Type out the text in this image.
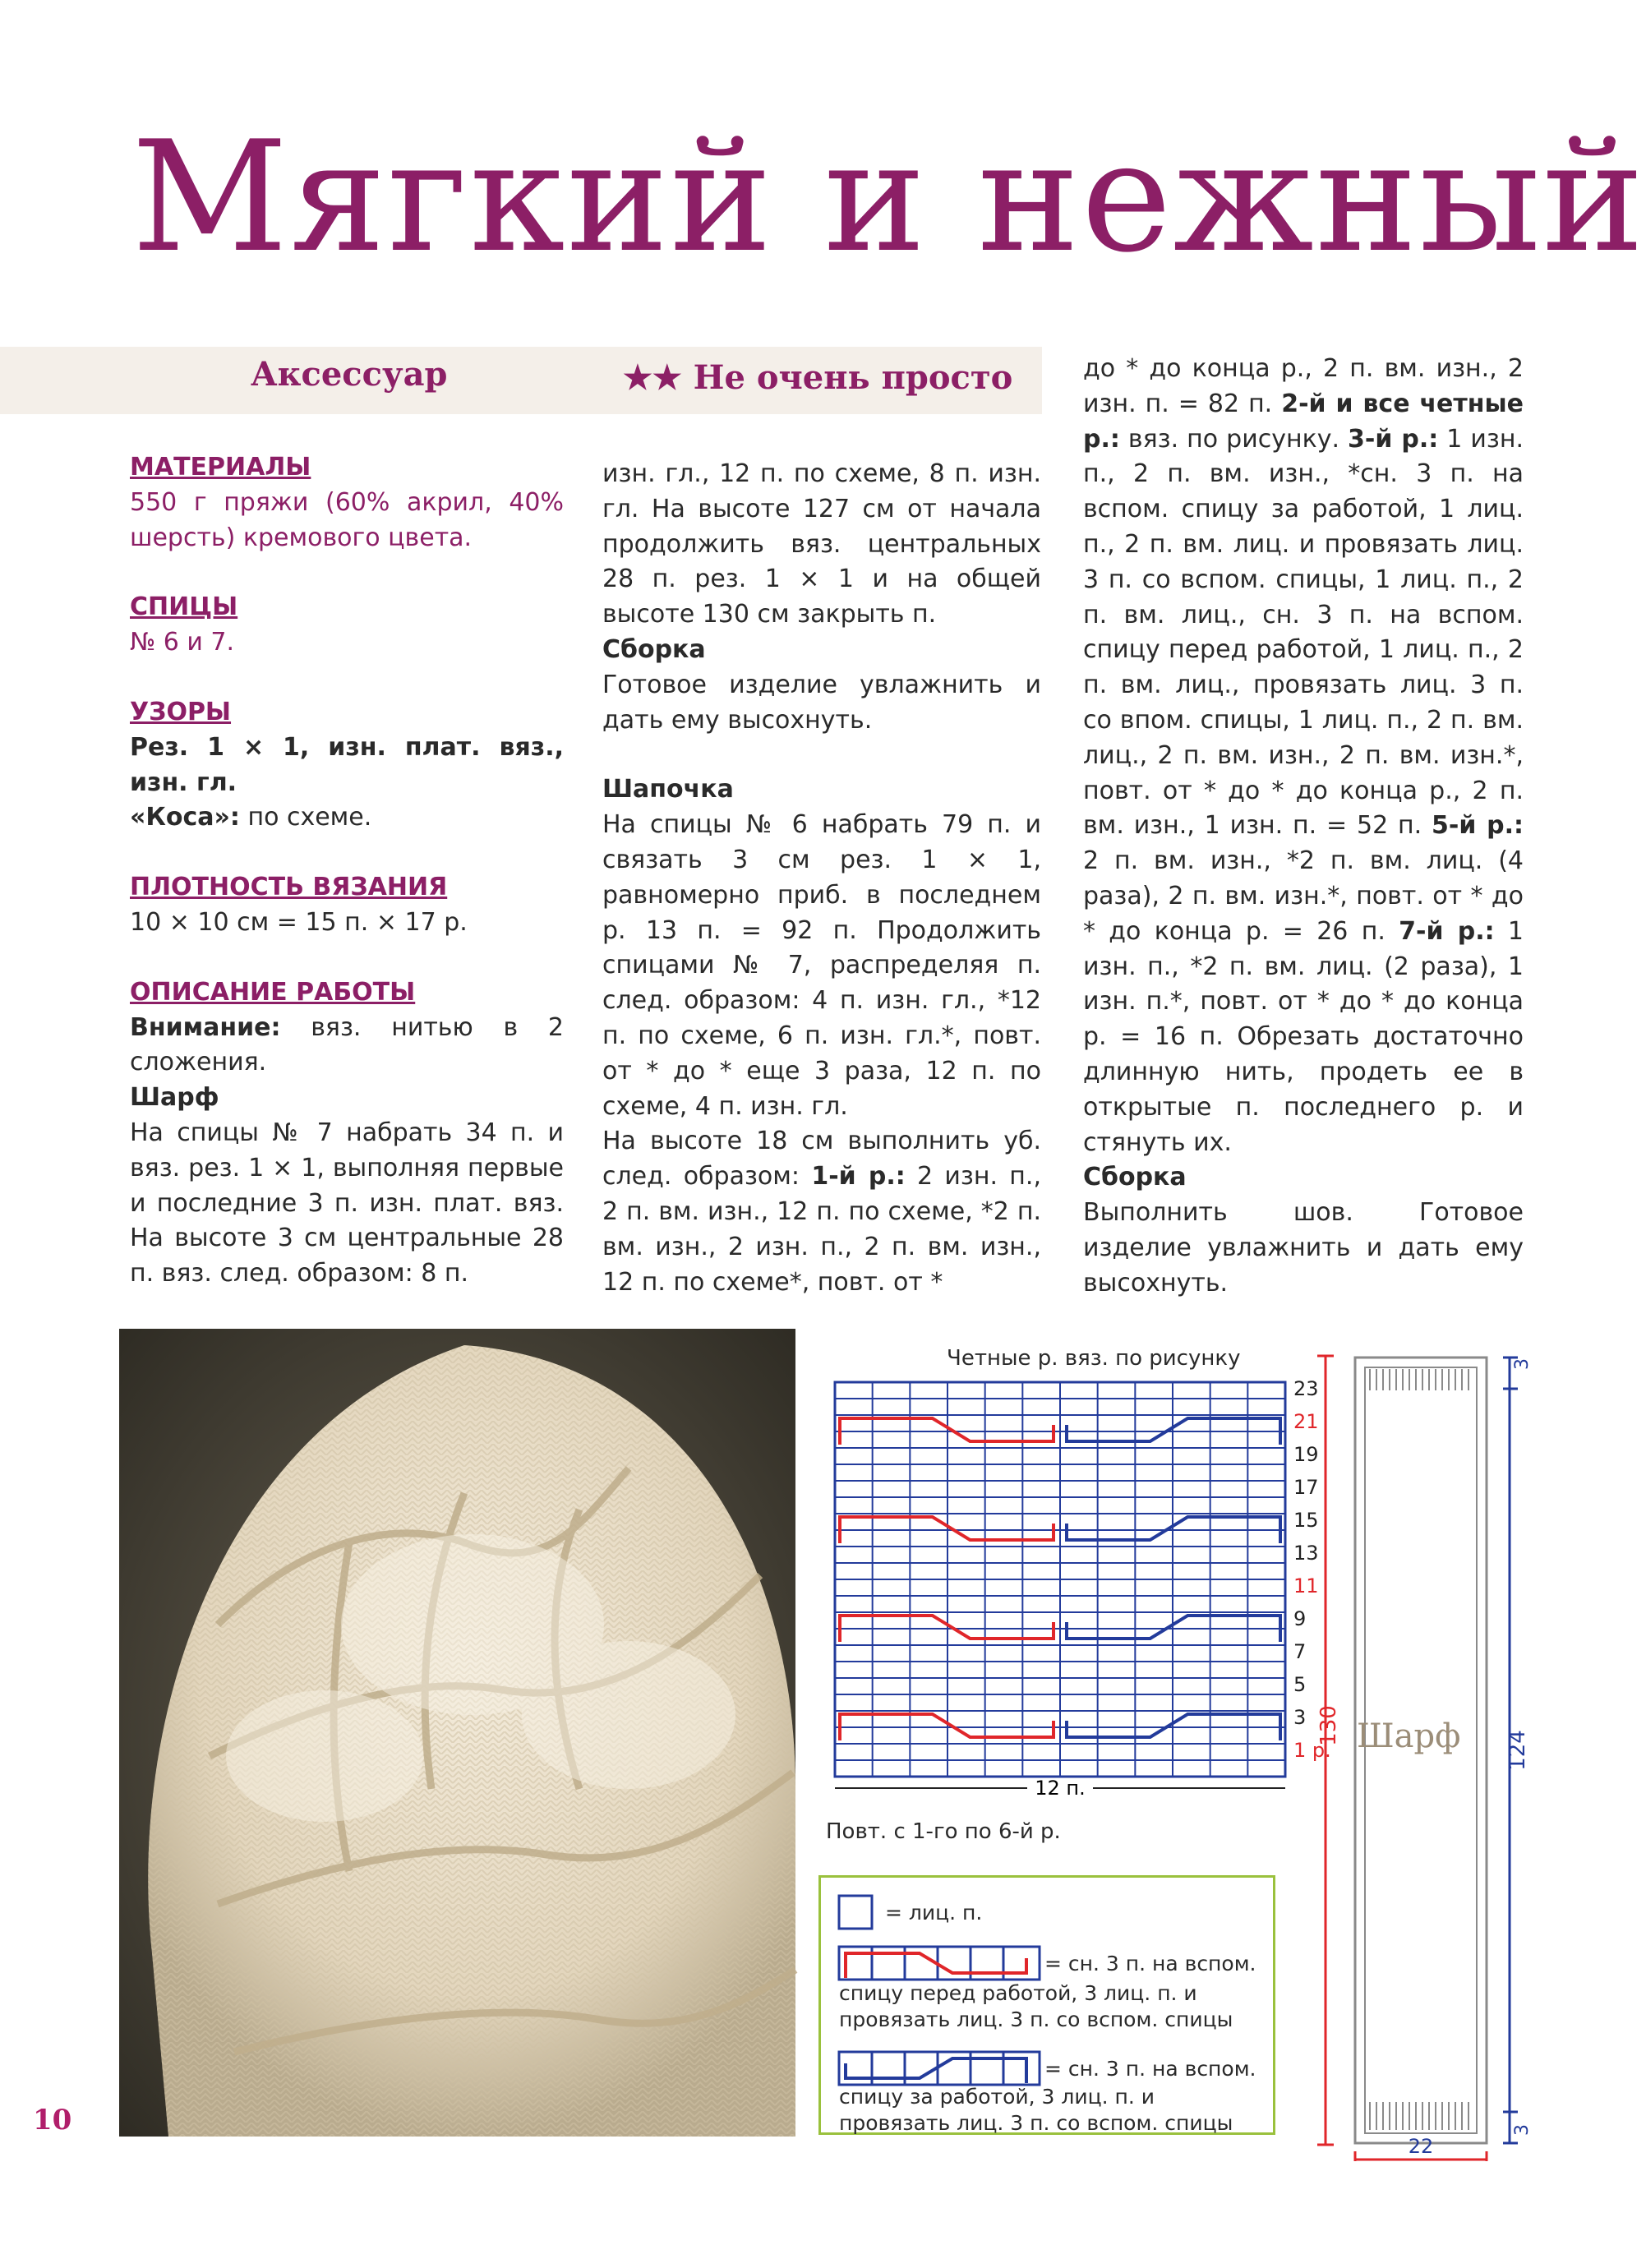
Мягкий и нежный
Аксессуар	★★ Не очень просто

МАТЕРИАЛЫ

550 г пряжи (60% акрил, 40% шерсть) кремового цвета.

СПИЦЫ

№ 6 и 7.

УЗОРЫ

Рез. 1 × 1, изн. плат. вяз., изн. гл.

«Коса»: по схеме.

ПЛОТНОСТЬ ВЯЗАНИЯ

10 × 10 см = 15 п. × 17 р.

ОПИСАНИЕ РАБОТЫ

Внимание: вяз. нитью в 2 сложения.

Шарф

На спицы № 7 набрать 34 п. и вяз. рез. 1 × 1, выполняя первые и последние 3 п. изн. плат. вяз. На высоте 3 см центральные 28 п. вяз. след. образом: 8 п.

изн. гл., 12 п. по схеме, 8 п. изн. гл. На высоте 127 см от начала продолжить вяз. центральных 28 п. рез. 1 × 1 и на общей высоте 130 см закрыть п.

Сборка

Готовое изделие увлажнить и дать ему высохнуть.

Шапочка

На спицы № 6 набрать 79 п. и связать 3 см рез. 1 × 1, равномерно приб. в последнем р. 13 п. = 92 п. Продолжить спицами № 7, распределяя п. след. образом: 4 п. изн. гл., *12 п. по схеме, 6 п. изн. гл.*, повт. от * до * еще 3 раза, 12 п. по схеме, 4 п. изн. гл.

На высоте 18 см выполнить уб. след. образом: 1-й р.: 2 изн. п., 2 п. вм. изн., 12 п. по схеме, *2 п. вм. изн., 2 изн. п., 2 п. вм. изн., 12 п. по схеме*, повт. от *

до * до конца р., 2 п. вм. изн., 2 изн. п. = 82 п. 2-й и все четные р.: вяз. по рисунку. 3-й р.: 1 изн. п., 2 п. вм. изн., *сн. 3 п. на вспом. спицу за работой, 1 лиц. п., 2 п. вм. лиц. и провязать лиц. 3 п. со вспом. спицы, 1 лиц. п., 2 п. вм. лиц., сн. 3 п. на вспом. спицу перед работой, 1 лиц. п., 2 п. вм. лиц., провязать лиц. 3 п. со впом. спицы, 1 лиц. п., 2 п. вм. лиц., 2 п. вм. изн., 2 п. вм. изн.*, повт. от * до * до конца р., 2 п. вм. изн., 1 изн. п. = 52 п. 5-й р.: 2 п. вм. изн., *2 п. вм. лиц. (4 раза), 2 п. вм. изн.*, повт. от * до * до конца р. = 26 п. 7-й р.: 1 изн. п., *2 п. вм. лиц. (2 раза), 1 изн. п.*, повт. от * до * до конца р. = 16 п. Обрезать достаточно длинную нить, продеть ее в открытые п. последнего р. и стянуть их.

Сборка

Выполнить шов. Готовое изделие увлажнить и дать ему высохнуть.

Четные р. вяз. по рисунку
23
21
19
17
15
13
11
9
7
5
3
1 р.
12 п.
Повт. с 1-го по 6-й р.
= лиц. п.
= сн. 3 п. на вспом.
спицу перед работой, 3 лиц. п. и
провязать лиц. 3 п. со вспом. спицы
= сн. 3 п. на вспом.
спицу за работой, 3 лиц. п. и
провязать лиц. 3 п. со вспом. спицы
130
124
3
3
22
Шарф
10
